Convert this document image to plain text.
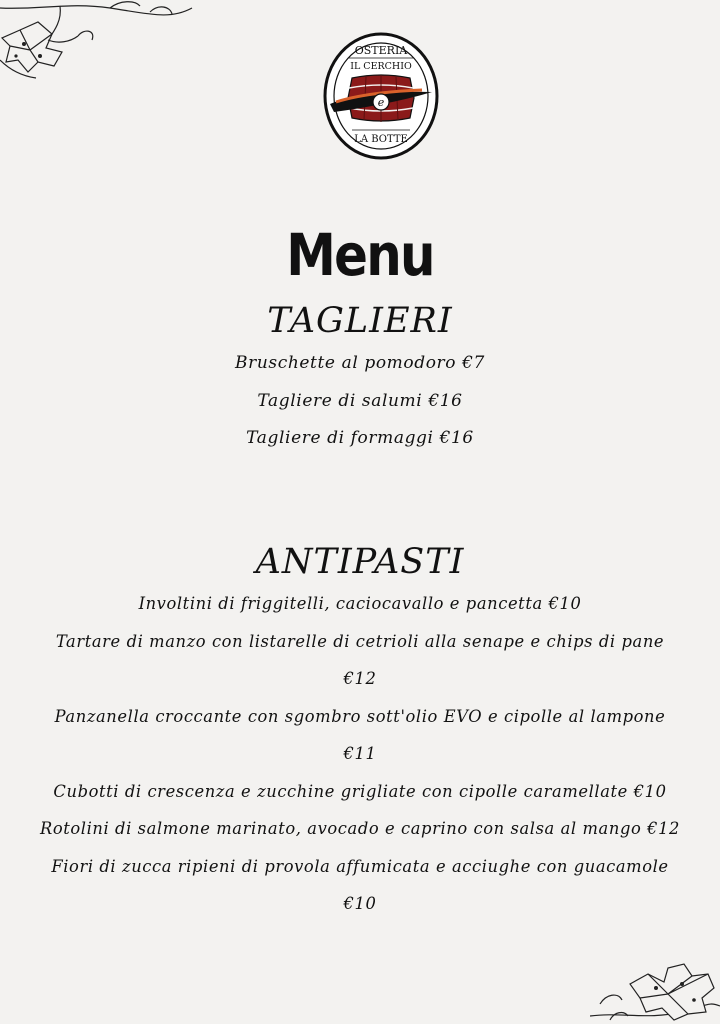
OSTERIA
IL CERCHIO
e
LA BOTTE
Menu
TAGLIERI
Bruschette al pomodoro €7
Tagliere di salumi €16
Tagliere di formaggi €16
ANTIPASTI
Involtini di friggitelli, caciocavallo e pancetta €10
Tartare di manzo con listarelle di cetrioli alla senape e chips di pane
€12
Panzanella croccante con sgombro sott'olio EVO e cipolle al lampone
€11
Cubotti di crescenza e zucchine grigliate con cipolle caramellate €10
Rotolini di salmone marinato, avocado e caprino con salsa al mango €12
Fiori di zucca ripieni di provola affumicata e acciughe con guacamole
€10
